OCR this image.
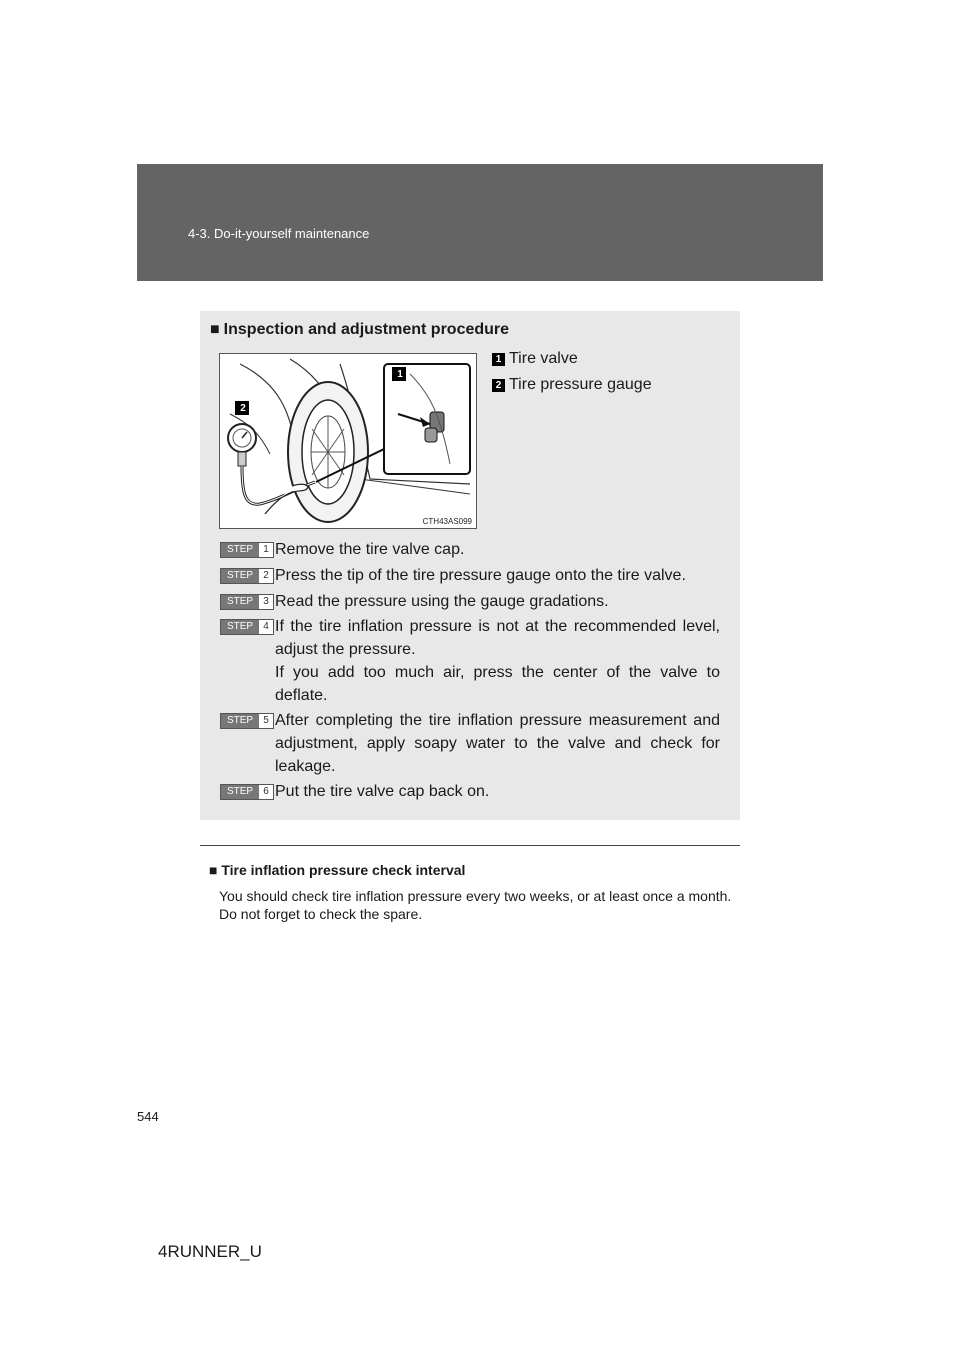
4-3. Do-it-yourself maintenance
■ Inspection and adjustment procedure
1
2
CTH43AS099
1 Tire valve
2 Tire pressure gauge
STEP	1 Remove the tire valve cap.

STEP	2 Press the tip of the tire pressure gauge onto the tire valve.

STEP	3 Read the pressure using the gauge gradations.

STEP	4 If the tire inflation pressure is not at the recommended level, adjust the pressure.

If you add too much air, press the center of the valve to deflate.

STEP	5 After completing the tire inflation pressure measurement and adjustment, apply soapy water to the valve and check for leakage.

STEP	6 Put the tire valve cap back on.

■ Tire inflation pressure check interval

You should check tire inflation pressure every two weeks, or at least once a month.

Do not forget to check the spare.

544
4RUNNER_U
